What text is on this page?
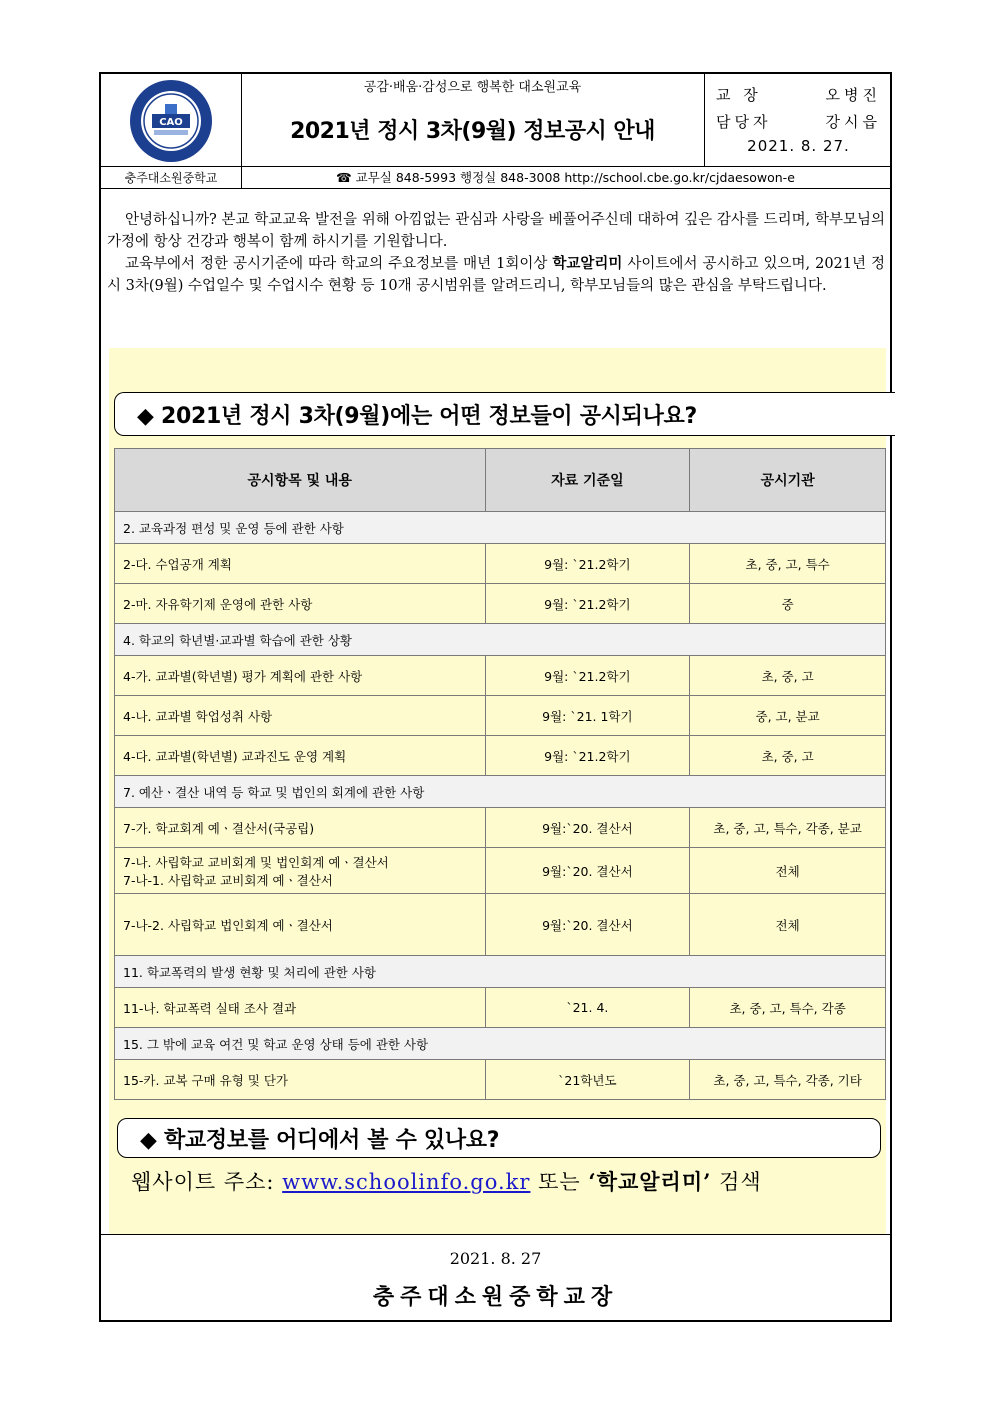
CAO
공감·배움·감성으로 행복한 대소원교육
2021년 정시 3차(9월) 정보공시 안내
교 장	오병진
담당자	강시읍
2021. 8. 27.
충주대소원중학교	☎ 교무실 848-5993 행정실 848-3008 http://school.cbe.go.kr/cjdaesowon-e

안녕하십니까? 본교 학교교육 발전을 위해 아낌없는 관심과 사랑을 베풀어주신데 대하여 깊은 감사를 드리며, 학부모님의 가정에 항상 건강과 행복이 함께 하시기를 기원합니다.

교육부에서 정한 공시기준에 따라 학교의 주요정보를 매년 1회이상 학교알리미 사이트에서 공시하고 있으며, 2021년 정시 3차(9월) 수업일수 및 수업시수 현황 등 10개 공시범위를 알려드리니, 학부모님들의 많은 관심을 부탁드립니다.

◆ 2021년 정시 3차(9월)에는 어떤 정보들이 공시되나요?
공시항목 및 내용	자료 기준일	공시기관
2. 교육과정 편성 및 운영 등에 관한 사항		
2-다. 수업공개 계획	9월: `21.2학기	초, 중, 고, 특수
2-마. 자유학기제 운영에 관한 사항	9월: `21.2학기	중
4. 학교의 학년별·교과별 학습에 관한 상황		
4-가. 교과별(학년별) 평가 계획에 관한 사항	9월: `21.2학기	초, 중, 고
4-나. 교과별 학업성취 사항	9월: `21. 1학기	중, 고, 분교
4-다. 교과별(학년별) 교과진도 운영 계획	9월: `21.2학기	초, 중, 고
7. 예산ㆍ결산 내역 등 학교 및 법인의 회계에 관한 사항		
7-가. 학교회계 예ㆍ결산서(국공립)	9월:`20. 결산서	초, 중, 고, 특수, 각종, 분교

7-나. 사립학교 교비회계 및 법인회계 예ㆍ결산서
7-나-1. 사립학교 교비회계 예ㆍ결산서	9월:`20. 결산서	전체
7-나-2. 사립학교 법인회계 예ㆍ결산서	9월:`20. 결산서	전체
11. 학교폭력의 발생 현황 및 처리에 관한 사항		
11-나. 학교폭력 실태 조사 결과	`21. 4.	초, 중, 고, 특수, 각종
15. 그 밖에 교육 여건 및 학교 운영 상태 등에 관한 사항		
15-카. 교복 구매 유형 및 단가	`21학년도	초, 중, 고, 특수, 각종, 기타
◆ 학교정보를 어디에서 볼 수 있나요?
웹사이트 주소: www.schoolinfo.go.kr 또는 ‘학교알리미’ 검색
2021. 8. 27
충주대소원중학교장
